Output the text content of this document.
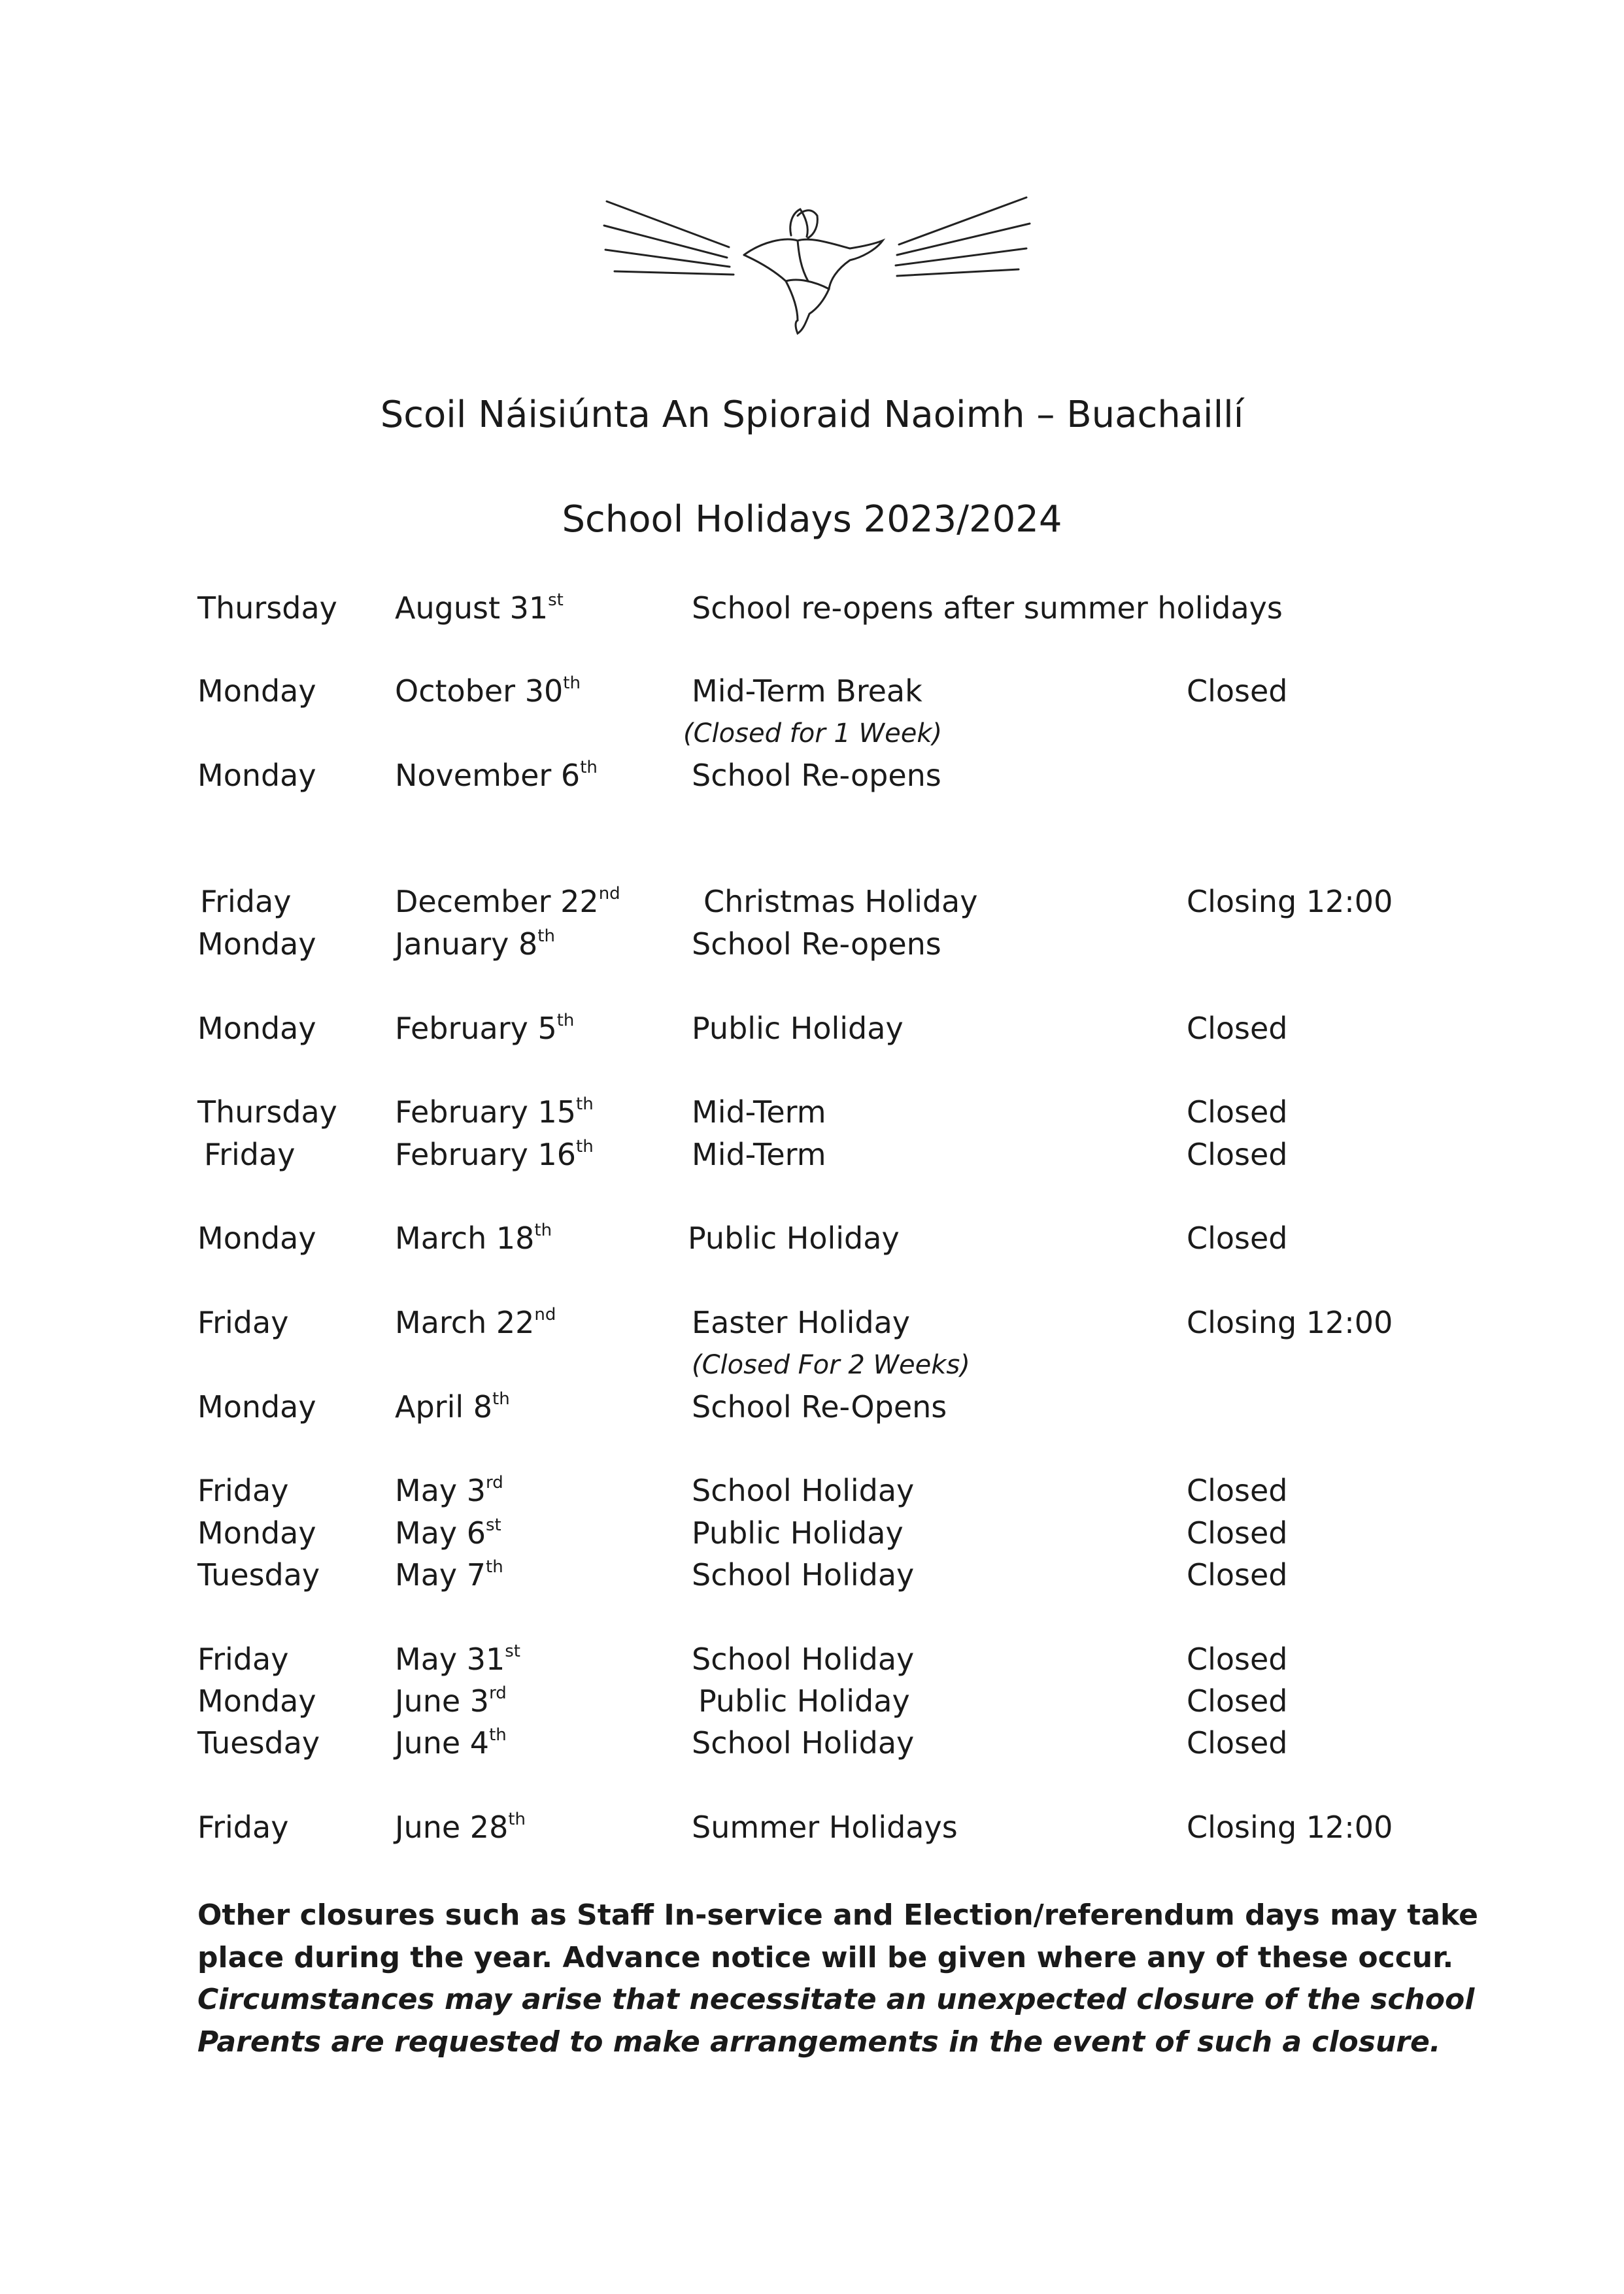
Scoil Náisiúnta An Spioraid Naoimh – Buachaillí
School Holidays 2023/2024
Thursday August 31st	School re-opens after summer holidays
Monday	October 30th	Mid-Term Break	Closed
(Closed for 1 Week)
Monday	November 6th	School Re-opens
Friday	December 22nd	Christmas Holiday	Closing 12:00
Monday	January 8th	School Re-opens
Monday	February 5th	Public Holiday	Closed
Thursday February 15th	Mid-Term	Closed
Friday	February 16th	Mid-Term	Closed
Monday	March 18th	Public Holiday	Closed
Friday	March 22nd	Easter Holiday	Closing 12:00
(Closed For 2 Weeks)
Monday	April 8th	School Re-Opens
Friday	May 3rd	School Holiday	Closed
Monday	May 6st	Public Holiday	Closed
Tuesday May 7th	School Holiday	Closed
Friday	May 31st	School Holiday	Closed
Monday	June 3rd	Public Holiday	Closed
Tuesday June 4th	School Holiday	Closed
Friday	June 28th	Summer Holidays	Closing 12:00

Other closures such as Staff In-service and Election/referendum days may take

place during the year. Advance notice will be given where any of these occur.

Circumstances may arise that necessitate an unexpected closure of the school

Parents are requested to make arrangements in the event of such a closure.
